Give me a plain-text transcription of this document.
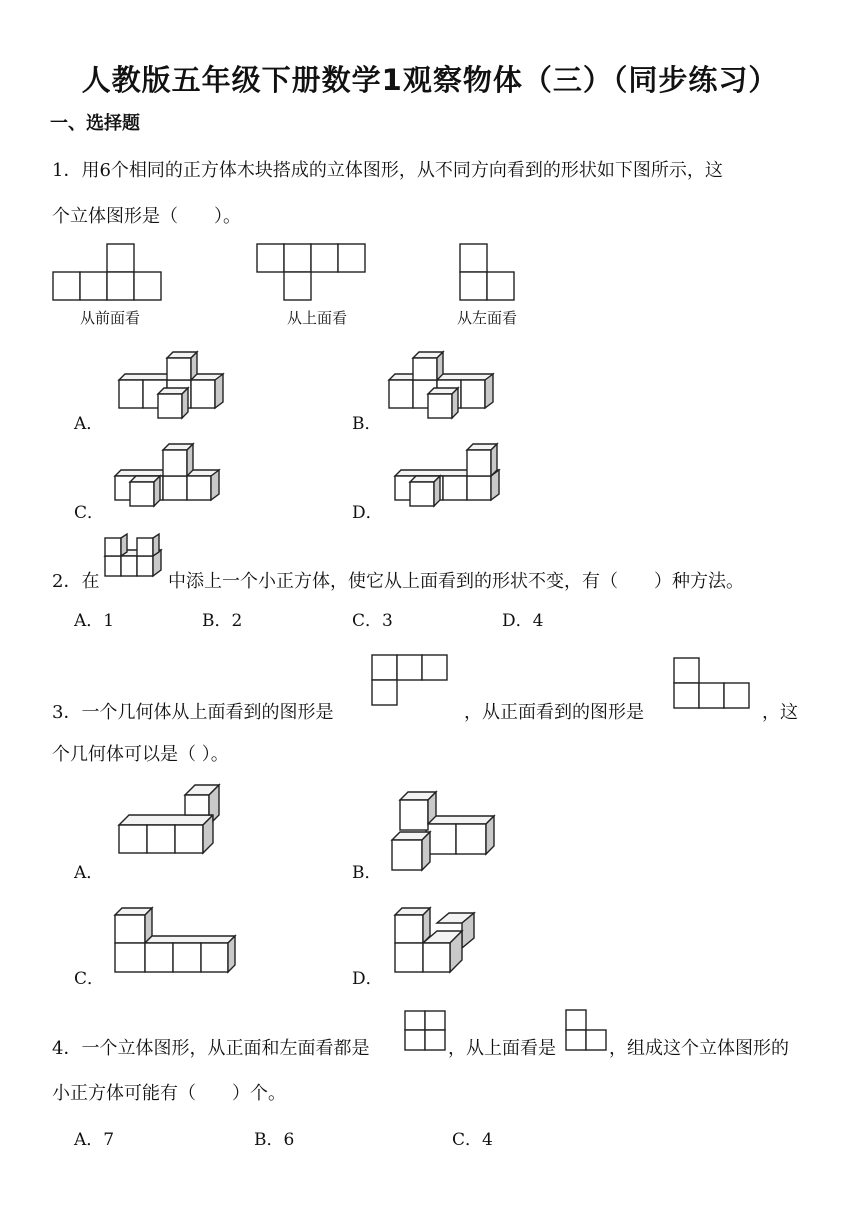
人教版五年级下册数学1观察物体（三）（同步练习）
一、选择题
1．用6个相同的正方体木块搭成的立体图形，从不同方向看到的形状如下图所示，这
个立体图形是（　　）。
从前面看	从上面看	从左面看
A．	B．
C．	D．
2．在	中添上一个小正方体，使它从上面看到的形状不变，有（　　）种方法。
A．1	B．2	C．3	D．4
3．一个几何体从上面看到的图形是	，从正面看到的图形是	，这
个几何体可以是（ ）。
A．	B．
C．	D．
4．一个立体图形，从正面和左面看都是	，从上面看是	，组成这个立体图形的
小正方体可能有（　　）个。
A．7	B．6	C．4
